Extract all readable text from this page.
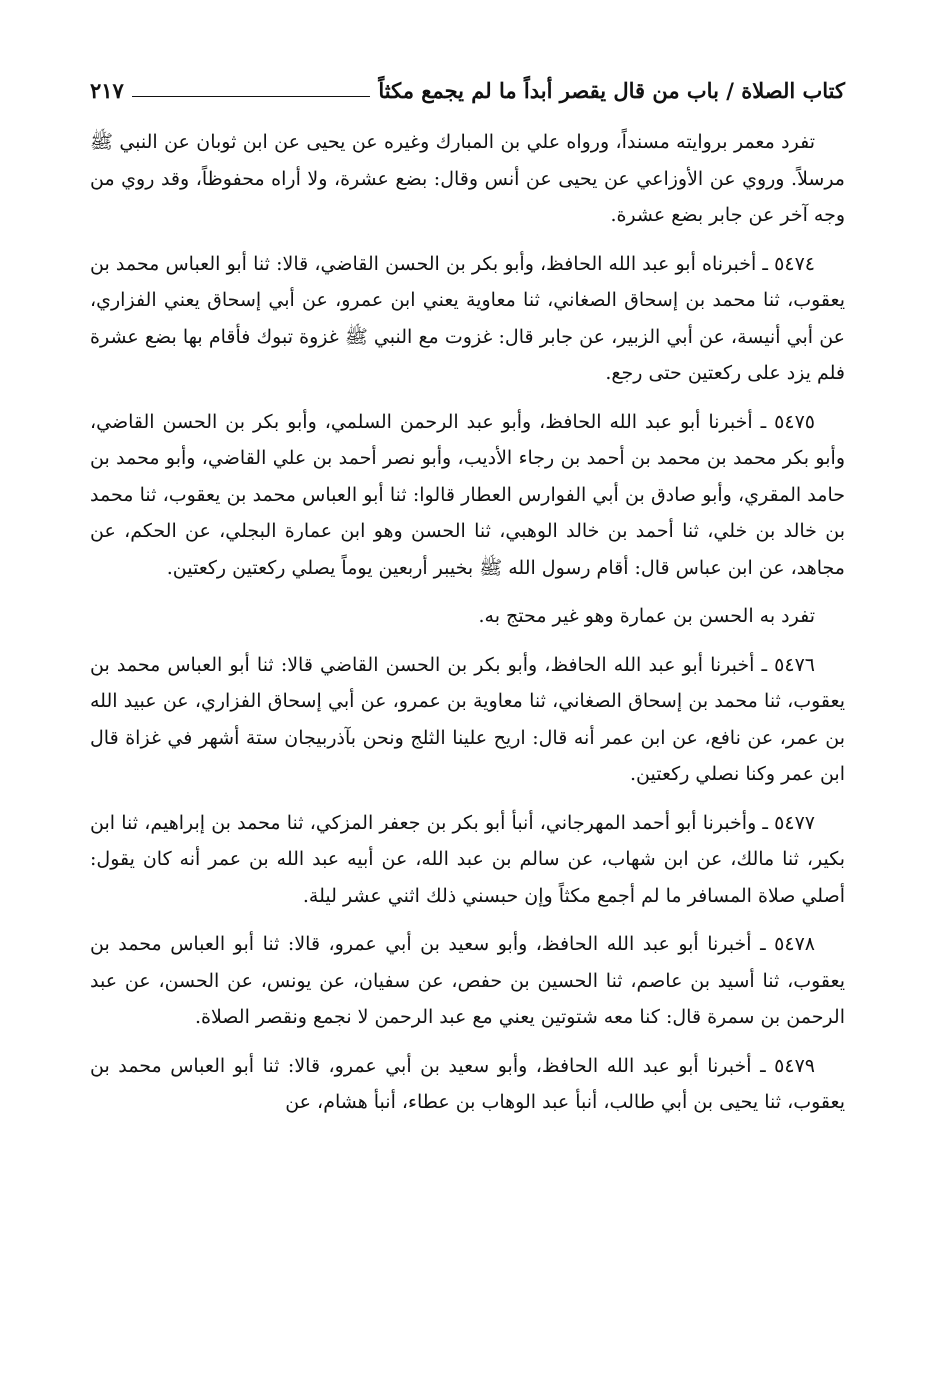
كتاب الصلاة / باب من قال يقصر أبداً ما لم يجمع مكثاً
٢١٧

تفرد معمر بروايته مسنداً، ورواه علي بن المبارك وغيره عن يحيى عن ابن ثوبان عن النبي ﷺ مرسلاً. وروي عن الأوزاعي عن يحيى عن أنس وقال: بضع عشرة، ولا أراه محفوظاً، وقد روي من وجه آخر عن جابر بضع عشرة.

٥٤٧٤ ـ أخبرناه أبو عبد الله الحافظ، وأبو بكر بن الحسن القاضي، قالا: ثنا أبو العباس محمد بن يعقوب، ثنا محمد بن إسحاق الصغاني، ثنا معاوية يعني ابن عمرو، عن أبي إسحاق يعني الفزاري، عن أبي أنيسة، عن أبي الزبير، عن جابر قال: غزوت مع النبي ﷺ غزوة تبوك فأقام بها بضع عشرة فلم يزد على ركعتين حتى رجع.

٥٤٧٥ ـ أخبرنا أبو عبد الله الحافظ، وأبو عبد الرحمن السلمي، وأبو بكر بن الحسن القاضي، وأبو بكر محمد بن محمد بن أحمد بن رجاء الأديب، وأبو نصر أحمد بن علي القاضي، وأبو محمد بن حامد المقري، وأبو صادق بن أبي الفوارس العطار قالوا: ثنا أبو العباس محمد بن يعقوب، ثنا محمد بن خالد بن خلي، ثنا أحمد بن خالد الوهبي، ثنا الحسن وهو ابن عمارة البجلي، عن الحكم، عن مجاهد، عن ابن عباس قال: أقام رسول الله ﷺ بخيبر أربعين يوماً يصلي ركعتين ركعتين.

تفرد به الحسن بن عمارة وهو غير محتج به.

٥٤٧٦ ـ أخبرنا أبو عبد الله الحافظ، وأبو بكر بن الحسن القاضي قالا: ثنا أبو العباس محمد بن يعقوب، ثنا محمد بن إسحاق الصغاني، ثنا معاوية بن عمرو، عن أبي إسحاق الفزاري، عن عبيد الله بن عمر، عن نافع، عن ابن عمر أنه قال: اريح علينا الثلج ونحن بآذربيجان ستة أشهر في غزاة قال ابن عمر وكنا نصلي ركعتين.

٥٤٧٧ ـ وأخبرنا أبو أحمد المهرجاني، أنبأ أبو بكر بن جعفر المزكي، ثنا محمد بن إبراهيم، ثنا ابن بكير، ثنا مالك، عن ابن شهاب، عن سالم بن عبد الله، عن أبيه عبد الله بن عمر أنه كان يقول: أصلي صلاة المسافر ما لم أجمع مكثاً وإن حبسني ذلك اثني عشر ليلة.

٥٤٧٨ ـ أخبرنا أبو عبد الله الحافظ، وأبو سعيد بن أبي عمرو، قالا: ثنا أبو العباس محمد بن يعقوب، ثنا أسيد بن عاصم، ثنا الحسين بن حفص، عن سفيان، عن يونس، عن الحسن، عن عبد الرحمن بن سمرة قال: كنا معه شتوتين يعني مع عبد الرحمن لا نجمع ونقصر الصلاة.

٥٤٧٩ ـ أخبرنا أبو عبد الله الحافظ، وأبو سعيد بن أبي عمرو، قالا: ثنا أبو العباس محمد بن يعقوب، ثنا يحيى بن أبي طالب، أنبأ عبد الوهاب بن عطاء، أنبأ هشام، عن
